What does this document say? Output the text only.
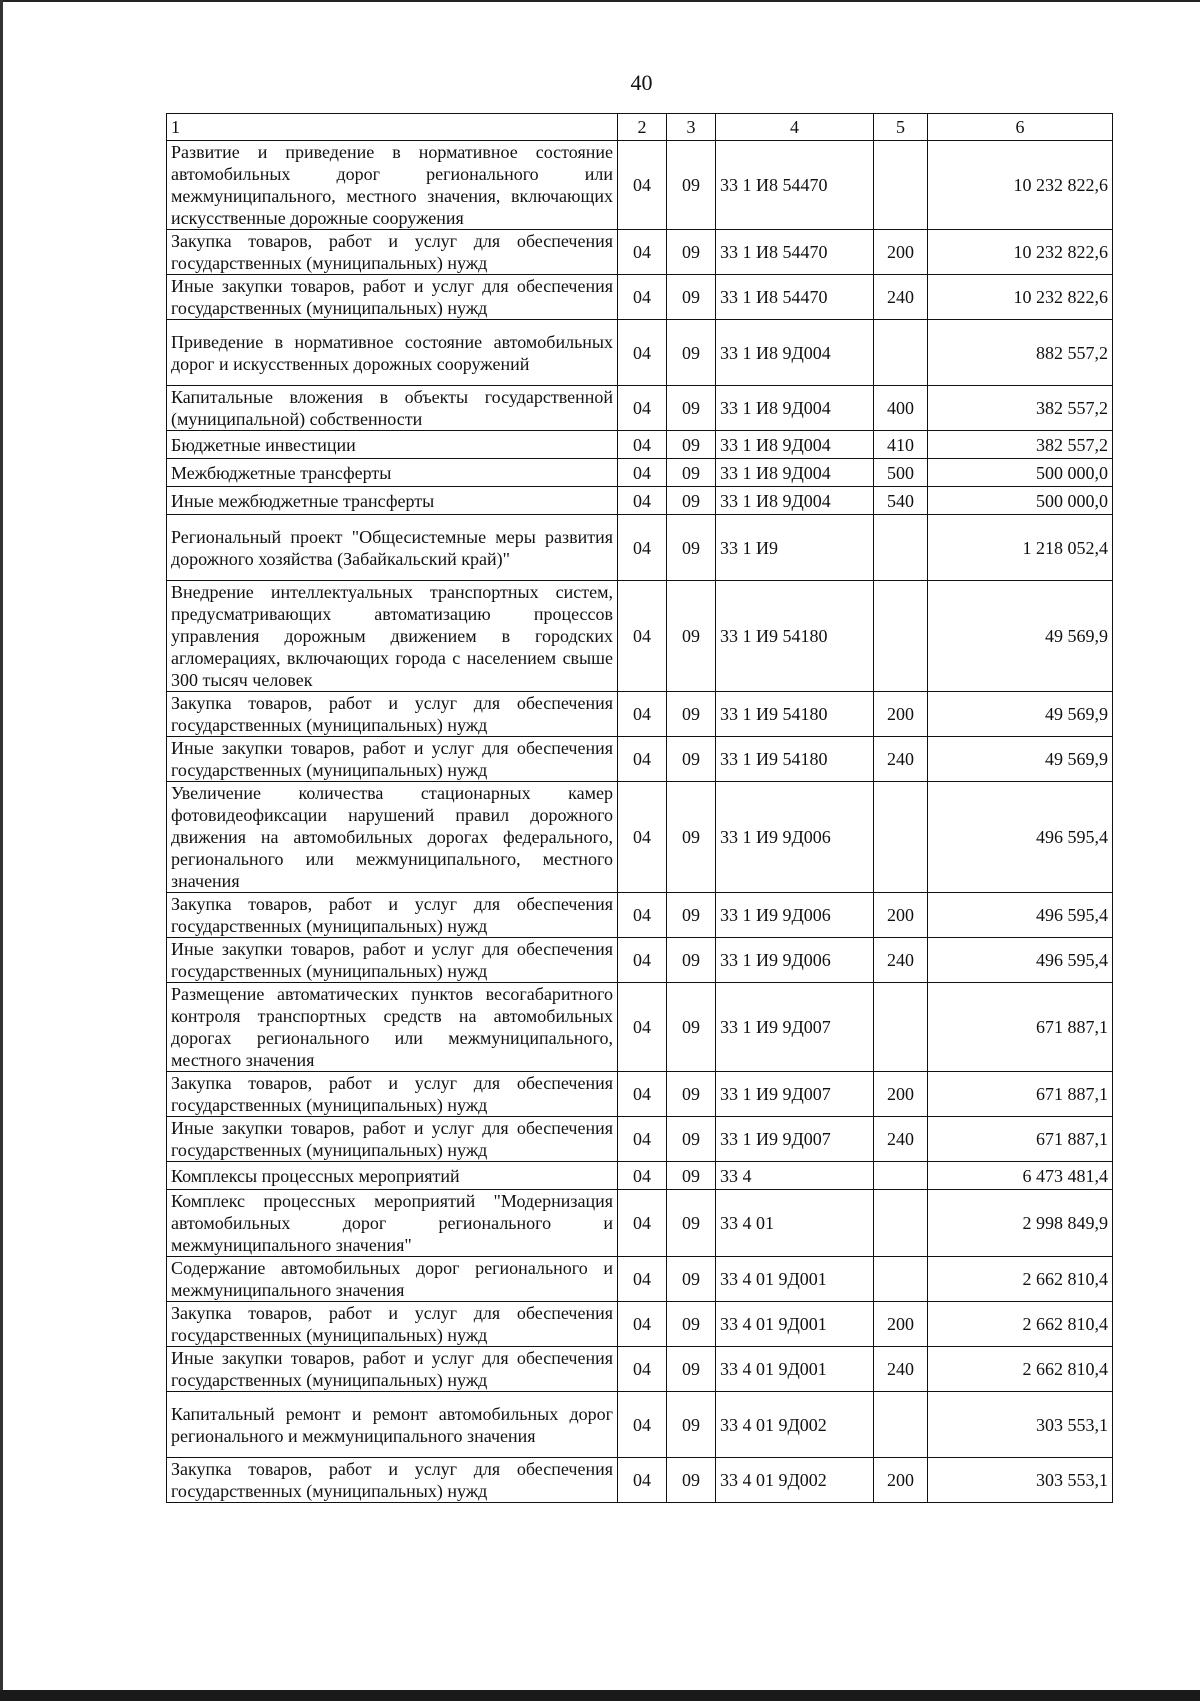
40
1	2	3	4	5	6
Развитие и приведение в нормативное состояние автомобильных дорог регионального или межмуниципального, местного значения, включающих искусственные дорожные сооружения	04	09	33 1 И8 54470		10 232 822,6
Закупка товаров, работ и услуг для обеспечения государственных (муниципальных) нужд	04	09	33 1 И8 54470	200	10 232 822,6
Иные закупки товаров, работ и услуг для обеспечения государственных (муниципальных) нужд	04	09	33 1 И8 54470	240	10 232 822,6
Приведение в нормативное состояние автомобильных дорог и искусственных дорожных сооружений	04	09	33 1 И8 9Д004		882 557,2
Капитальные вложения в объекты государственной (муниципальной) собственности	04	09	33 1 И8 9Д004	400	382 557,2
Бюджетные инвестиции	04	09	33 1 И8 9Д004	410	382 557,2
Межбюджетные трансферты	04	09	33 1 И8 9Д004	500	500 000,0
Иные межбюджетные трансферты	04	09	33 1 И8 9Д004	540	500 000,0
Региональный проект "Общесистемные меры развития дорожного хозяйства (Забайкальский край)"	04	09	33 1 И9		1 218 052,4
Внедрение интеллектуальных транспортных систем, предусматривающих автоматизацию процессов управления дорожным движением в городских агломерациях, включающих города с населением свыше 300 тысяч человек	04	09	33 1 И9 54180		49 569,9
Закупка товаров, работ и услуг для обеспечения государственных (муниципальных) нужд	04	09	33 1 И9 54180	200	49 569,9
Иные закупки товаров, работ и услуг для обеспечения государственных (муниципальных) нужд	04	09	33 1 И9 54180	240	49 569,9
Увеличение количества стационарных камер фотовидеофиксации нарушений правил дорожного движения на автомобильных дорогах федерального, регионального или межмуниципального, местного значения	04	09	33 1 И9 9Д006		496 595,4
Закупка товаров, работ и услуг для обеспечения государственных (муниципальных) нужд	04	09	33 1 И9 9Д006	200	496 595,4
Иные закупки товаров, работ и услуг для обеспечения государственных (муниципальных) нужд	04	09	33 1 И9 9Д006	240	496 595,4
Размещение автоматических пунктов весогабаритного контроля транспортных средств на автомобильных дорогах регионального или межмуниципального, местного значения	04	09	33 1 И9 9Д007		671 887,1
Закупка товаров, работ и услуг для обеспечения государственных (муниципальных) нужд	04	09	33 1 И9 9Д007	200	671 887,1
Иные закупки товаров, работ и услуг для обеспечения государственных (муниципальных) нужд	04	09	33 1 И9 9Д007	240	671 887,1
Комплексы процессных мероприятий	04	09	33 4		6 473 481,4
Комплекс процессных мероприятий "Модернизация автомобильных дорог регионального и межмуниципального значения"	04	09	33 4 01		2 998 849,9
Содержание автомобильных дорог регионального и межмуниципального значения	04	09	33 4 01 9Д001		2 662 810,4
Закупка товаров, работ и услуг для обеспечения государственных (муниципальных) нужд	04	09	33 4 01 9Д001	200	2 662 810,4
Иные закупки товаров, работ и услуг для обеспечения государственных (муниципальных) нужд	04	09	33 4 01 9Д001	240	2 662 810,4
Капитальный ремонт и ремонт автомобильных дорог регионального и межмуниципального значения	04	09	33 4 01 9Д002		303 553,1
Закупка товаров, работ и услуг для обеспечения государственных (муниципальных) нужд	04	09	33 4 01 9Д002	200	303 553,1
